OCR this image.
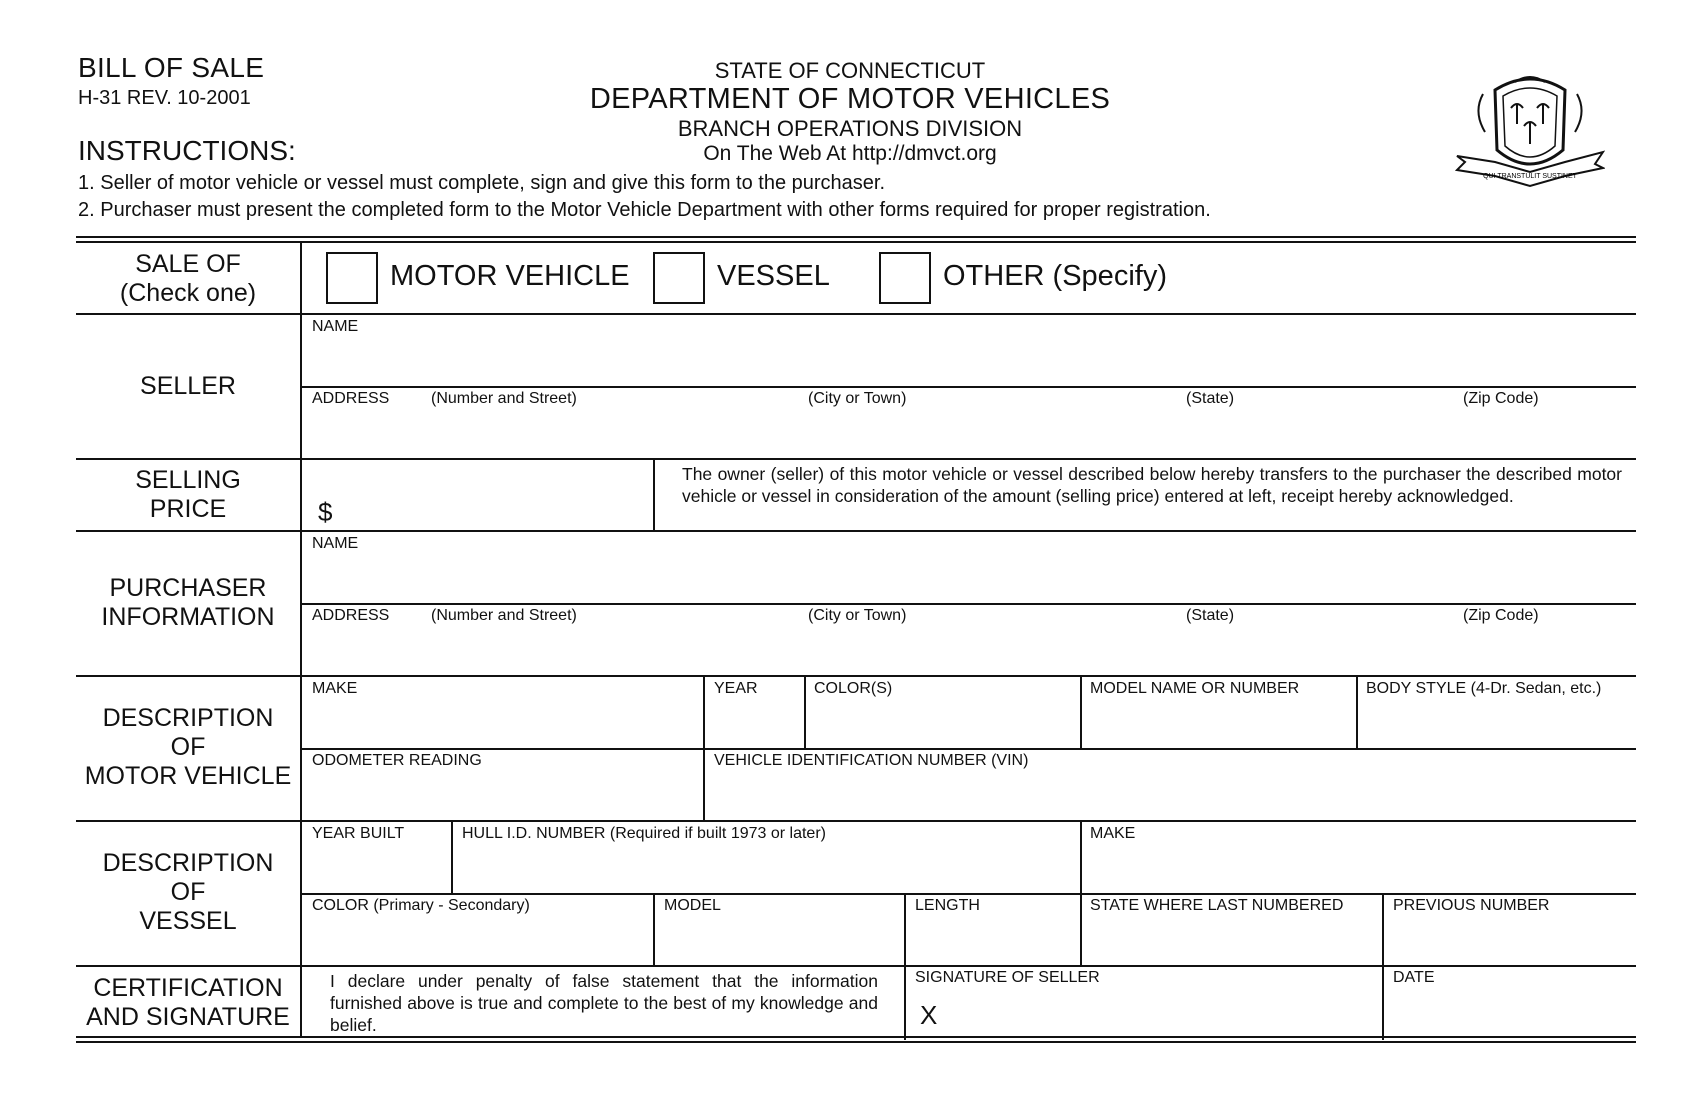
BILL OF SALE
H-31 REV. 10-2001
INSTRUCTIONS:
1. Seller of motor vehicle or vessel must complete, sign and give this form to the purchaser.
2. Purchaser must present the completed form to the Motor Vehicle Department with other forms required for proper registration.
STATE OF CONNECTICUT
DEPARTMENT OF MOTOR VEHICLES
BRANCH OPERATIONS DIVISION
On The Web At http://dmvct.org
QUI TRANSTULIT SUSTINET
SALE OF
(Check one)
MOTOR VEHICLE	VESSEL	OTHER (Specify)
SELLER
NAME
ADDRESS	(Number and Street)	(City or Town)	(State)	(Zip Code)
SELLING
PRICE	$
The owner (seller) of this motor vehicle or vessel described below hereby transfers to the purchaser the described motor vehicle or vessel in consideration of the amount (selling price) entered at left, receipt hereby acknowledged.
PURCHASER
INFORMATION
NAME
ADDRESS	(Number and Street)	(City or Town)	(State)	(Zip Code)
DESCRIPTION
OF
MOTOR VEHICLE
MAKE	YEAR	COLOR(S)	MODEL NAME OR NUMBER	BODY STYLE (4-Dr. Sedan, etc.)
ODOMETER READING	VEHICLE IDENTIFICATION NUMBER (VIN)
DESCRIPTION
OF
VESSEL
YEAR BUILT	HULL I.D. NUMBER (Required if built 1973 or later)	MAKE
COLOR (Primary - Secondary)	MODEL	LENGTH	STATE WHERE LAST NUMBERED	PREVIOUS NUMBER
CERTIFICATION
AND SIGNATURE
I declare under penalty of false statement that the information furnished above is true and complete to the best of my knowledge and belief.
SIGNATURE OF SELLER
X
DATE
